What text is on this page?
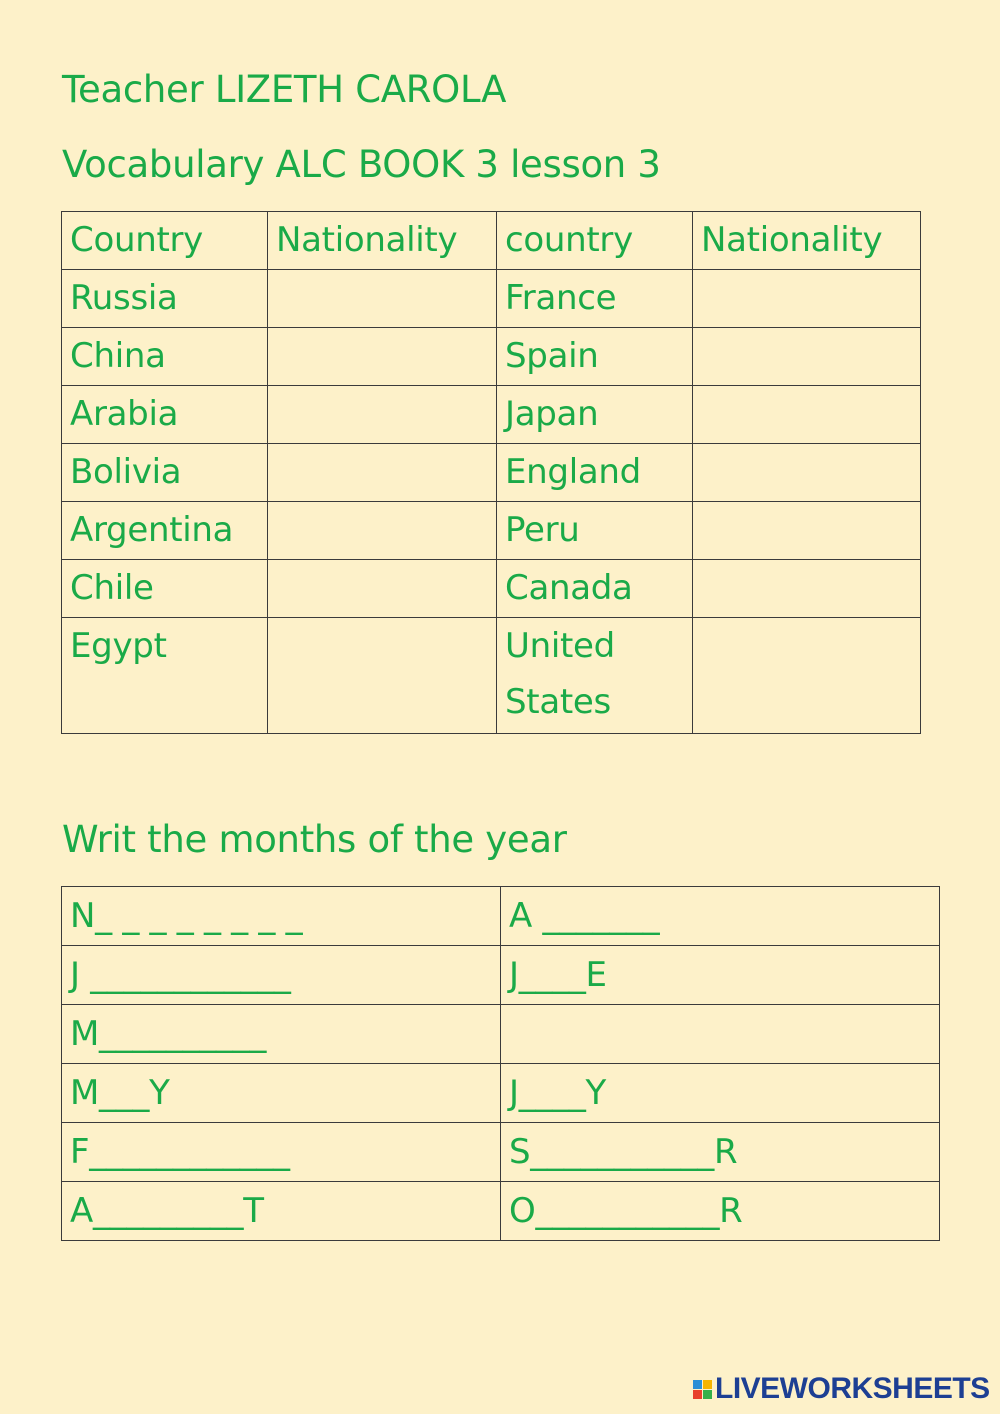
Teacher LIZETH CAROLA
Vocabulary ALC BOOK 3 lesson 3
Country	Nationality	country	Nationality
Russia		France	
China		Spain	
Arabia		Japan	
Bolivia		England	
Argentina		Peru	
Chile		Canada	
Egypt		United States	
Writ the months of the year
N_ _ _ _ _ _ _ _	A _______
J ____________	J____E
M__________	
M___Y	J____Y
F____________	S___________R
A_________T	O___________R
LIVEWORKSHEETS
